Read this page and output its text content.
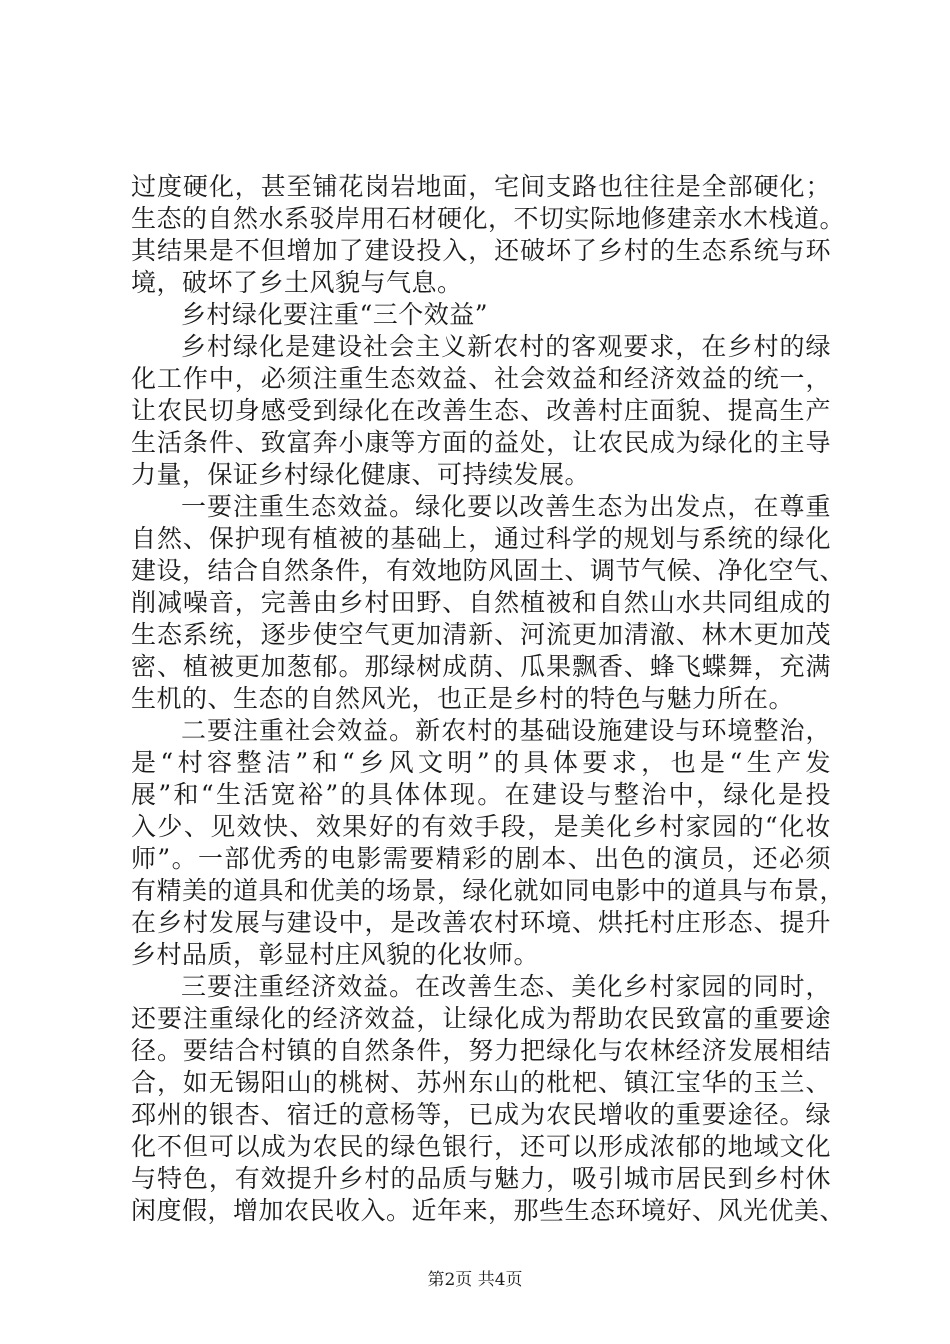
过度硬化，甚至铺花岗岩地面，宅间支路也往往是全部硬化；
生态的自然水系驳岸用石材硬化，不切实际地修建亲水木栈道。
其结果是不但增加了建设投入，还破坏了乡村的生态系统与环
境，破坏了乡土风貌与气息。
乡村绿化要注重“三个效益”
乡村绿化是建设社会主义新农村的客观要求，在乡村的绿
化工作中，必须注重生态效益、社会效益和经济效益的统一，
让农民切身感受到绿化在改善生态、改善村庄面貌、提高生产
生活条件、致富奔小康等方面的益处，让农民成为绿化的主导
力量，保证乡村绿化健康、可持续发展。
一要注重生态效益。绿化要以改善生态为出发点，在尊重
自然、保护现有植被的基础上，通过科学的规划与系统的绿化
建设，结合自然条件，有效地防风固土、调节气候、净化空气、
削减噪音，完善由乡村田野、自然植被和自然山水共同组成的
生态系统，逐步使空气更加清新、河流更加清澈、林木更加茂
密、植被更加葱郁。那绿树成荫、瓜果飘香、蜂飞蝶舞，充满
生机的、生态的自然风光，也正是乡村的特色与魅力所在。
二要注重社会效益。新农村的基础设施建设与环境整治，
是“村容整洁”和“乡风文明”的具体要求，也是“生产发
展”和“生活宽裕”的具体体现。在建设与整治中，绿化是投
入少、见效快、效果好的有效手段，是美化乡村家园的“化妆
师”。一部优秀的电影需要精彩的剧本、出色的演员，还必须
有精美的道具和优美的场景，绿化就如同电影中的道具与布景，
在乡村发展与建设中，是改善农村环境、烘托村庄形态、提升
乡村品质，彰显村庄风貌的化妆师。
三要注重经济效益。在改善生态、美化乡村家园的同时，
还要注重绿化的经济效益，让绿化成为帮助农民致富的重要途
径。要结合村镇的自然条件，努力把绿化与农林经济发展相结
合，如无锡阳山的桃树、苏州东山的枇杷、镇江宝华的玉兰、
邳州的银杏、宿迁的意杨等，已成为农民增收的重要途径。绿
化不但可以成为农民的绿色银行，还可以形成浓郁的地域文化
与特色，有效提升乡村的品质与魅力，吸引城市居民到乡村休
闲度假，增加农民收入。近年来，那些生态环境好、风光优美、
第2页 共4页
